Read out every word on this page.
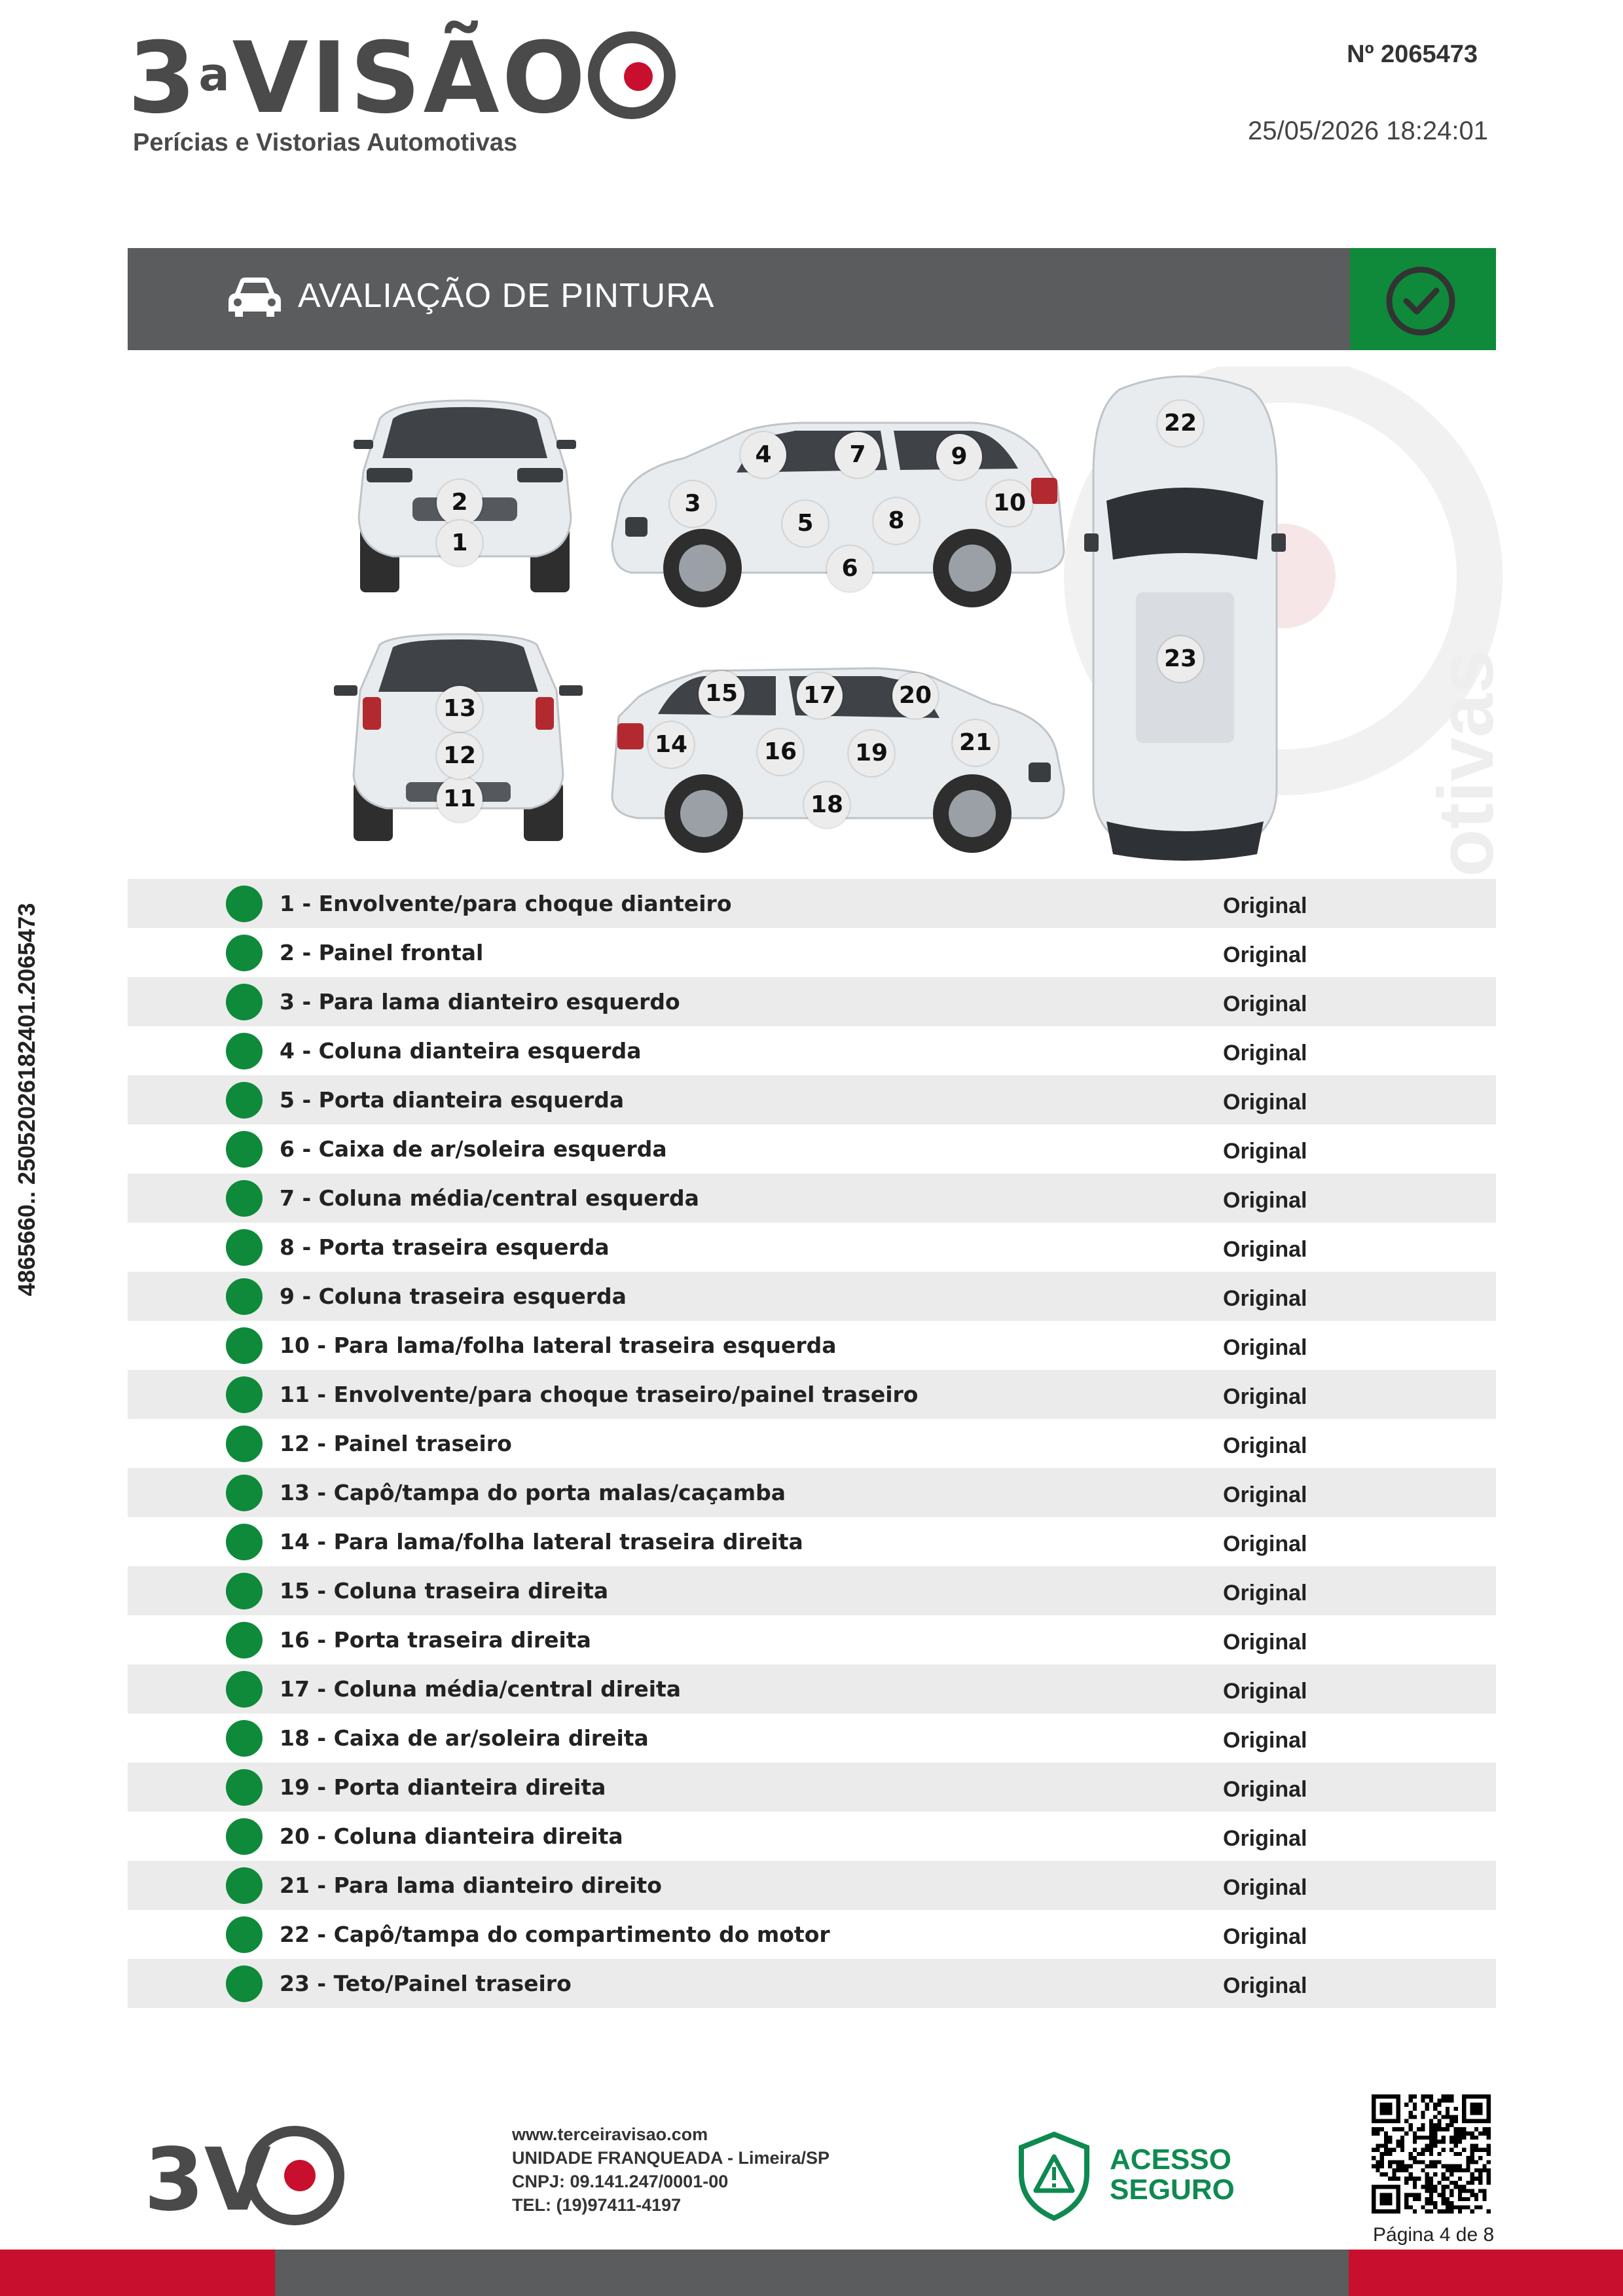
3$^a$VISÃO
Perícias e Vistorias Automotivas
Nº 2065473
25/05/2026 18:24:01
AVALIAÇÃO DE PINTURA
otivas
2
1
3
4
5
6
7
8
9
10
11
12
13
14
15
16
17
18
19
20
21
22
23
1 - Envolvente/para choque dianteiro	Original
2 - Painel frontal	Original
3 - Para lama dianteiro esquerdo	Original
4 - Coluna dianteira esquerda	Original
5 - Porta dianteira esquerda	Original
6 - Caixa de ar/soleira esquerda	Original
7 - Coluna média/central esquerda	Original
8 - Porta traseira esquerda	Original
9 - Coluna traseira esquerda	Original
10 - Para lama/folha lateral traseira esquerda	Original
11 - Envolvente/para choque traseiro/painel traseiro	Original
12 - Painel traseiro	Original
13 - Capô/tampa do porta malas/caçamba	Original
14 - Para lama/folha lateral traseira direita	Original
15 - Coluna traseira direita	Original
16 - Porta traseira direita	Original
17 - Coluna média/central direita	Original
18 - Caixa de ar/soleira direita	Original
19 - Porta dianteira direita	Original
20 - Coluna dianteira direita	Original
21 - Para lama dianteiro direito	Original
22 - Capô/tampa do compartimento do motor	Original
23 - Teto/Painel traseiro	Original
4865660.. 25052026182401.2065473
3V	www.terceiravisao.com
UNIDADE FRANQUEADA - Limeira/SP
CNPJ: 09.141.247/0001-00
TEL: (19)97411-4197
ACESSO
SEGURO
Página 4 de 8
